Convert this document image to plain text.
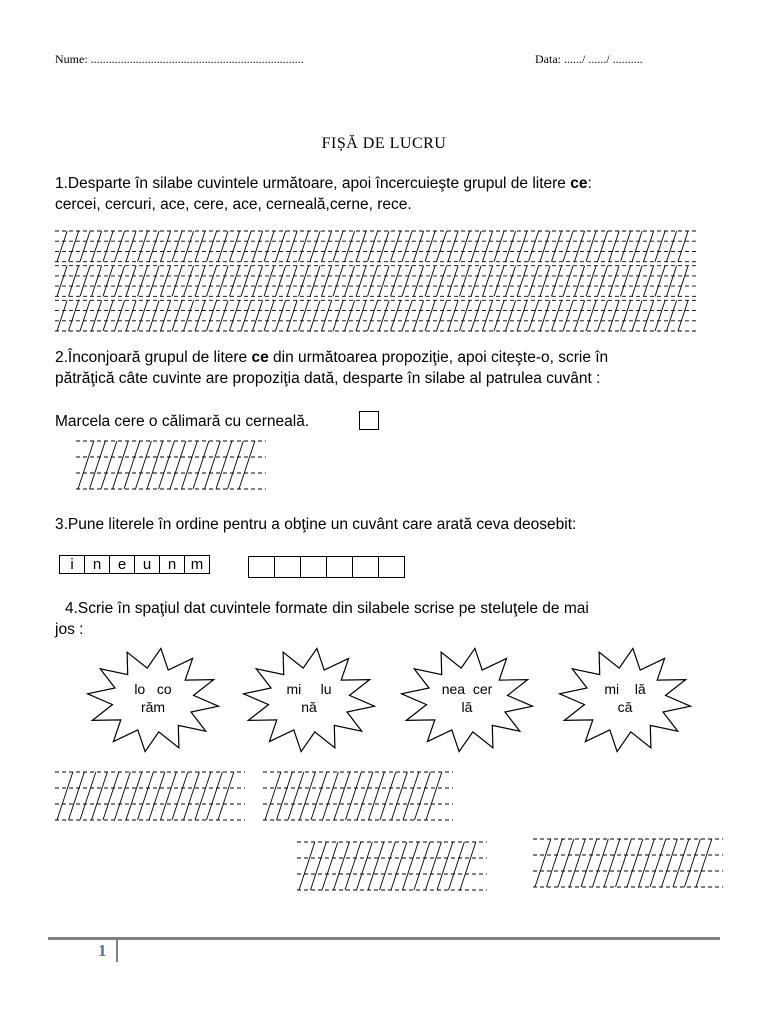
Nume: .......................................................................	Data: ....../ ....../ ..........
FIȘĂ DE LUCRU
1.Desparte în silabe cuvintele următoare, apoi încercuieşte grupul de litere ce:
cercei, cercuri, ace, cere, ace, cerneală,cerne, rece.
2.Înconjoară grupul de litere ce din următoarea propoziţie, apoi citeşte-o, scrie în
pătrăţică câte cuvinte are propoziţia dată, desparte în silabe al patrulea cuvânt :
Marcela cere o călimară cu cerneală.
3.Pune literele în ordine pentru a obţine un cuvânt care arată ceva deosebit:
i	n	e	u	n m
4.Scrie în spaţiul dat cuvintele formate din silabele scrise pe steluţele de mai
jos :
lo   co
răm
mi     lu
nă
nea  cer
lă
mi    lă
că
1
